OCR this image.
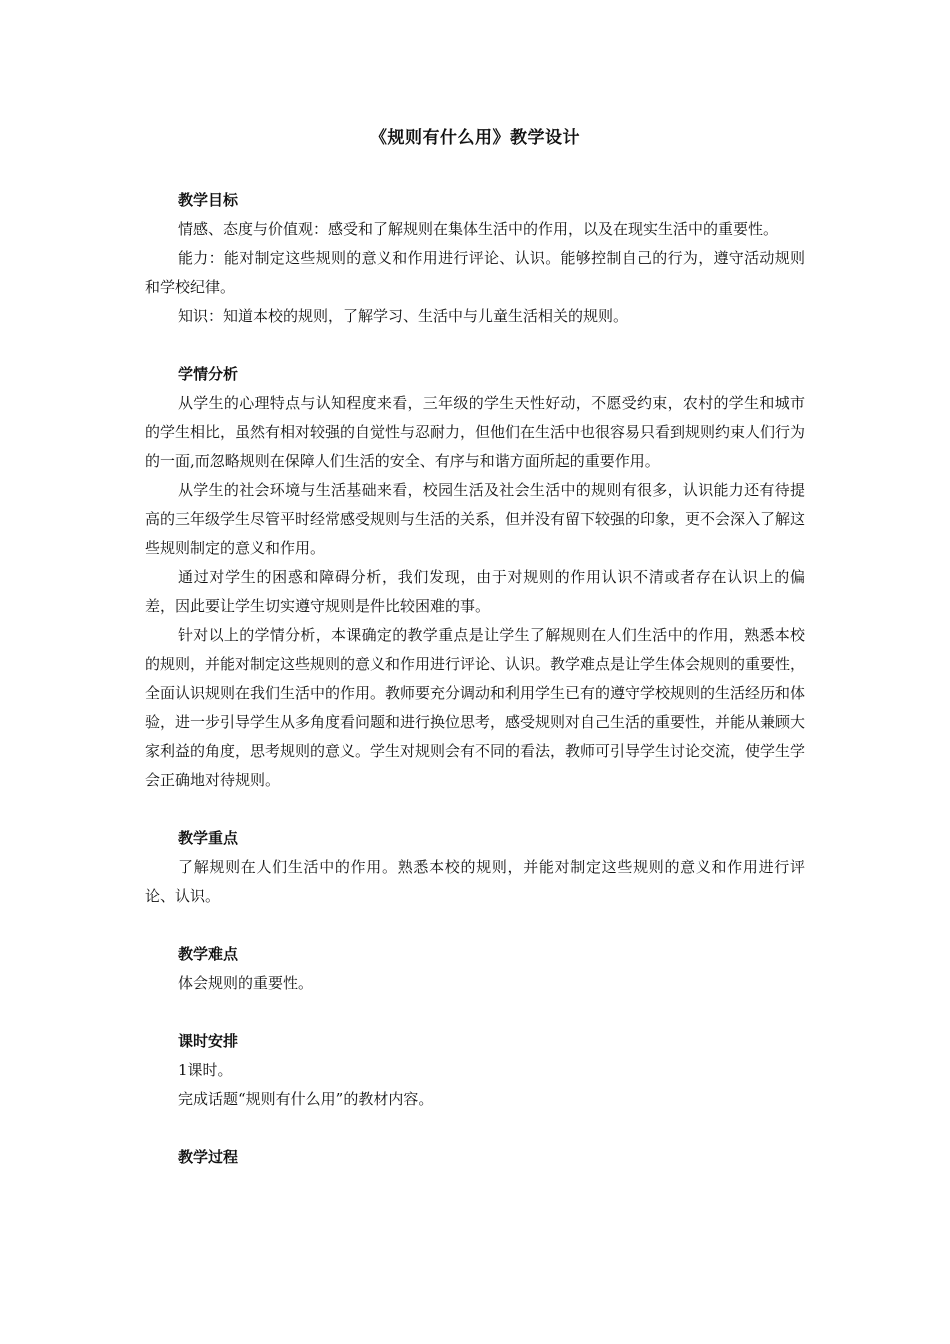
《规则有什么用》教学设计
教学目标

情感、态度与价值观：感受和了解规则在集体生活中的作用，以及在现实生活中的重要性。

能力：能对制定这些规则的意义和作用进行评论、认识。能够控制自己的行为，遵守活动规则和学校纪律。

知识：知道本校的规则，了解学习、生活中与儿童生活相关的规则。

学情分析

从学生的心理特点与认知程度来看，三年级的学生天性好动，不愿受约束，农村的学生和城市的学生相比，虽然有相对较强的自觉性与忍耐力，但他们在生活中也很容易只看到规则约束人们行为的一面,而忽略规则在保障人们生活的安全、有序与和谐方面所起的重要作用。

从学生的社会环境与生活基础来看，校园生活及社会生活中的规则有很多，认识能力还有待提高的三年级学生尽管平时经常感受规则与生活的关系，但并没有留下较强的印象，更不会深入了解这些规则制定的意义和作用。

通过对学生的困惑和障碍分析，我们发现，由于对规则的作用认识不清或者存在认识上的偏差，因此要让学生切实遵守规则是件比较困难的事。

针对以上的学情分析，本课确定的教学重点是让学生了解规则在人们生活中的作用，熟悉本校的规则，并能对制定这些规则的意义和作用进行评论、认识。教学难点是让学生体会规则的重要性，全面认识规则在我们生活中的作用。教师要充分调动和利用学生已有的遵守学校规则的生活经历和体验，进一步引导学生从多角度看问题和进行换位思考，感受规则对自己生活的重要性，并能从兼顾大家利益的角度，思考规则的意义。学生对规则会有不同的看法，教师可引导学生讨论交流，使学生学会正确地对待规则。

教学重点

了解规则在人们生活中的作用。熟悉本校的规则，并能对制定这些规则的意义和作用进行评论、认识。

教学难点

体会规则的重要性。

课时安排

1课时。

完成话题“规则有什么用”的教材内容。

教学过程
